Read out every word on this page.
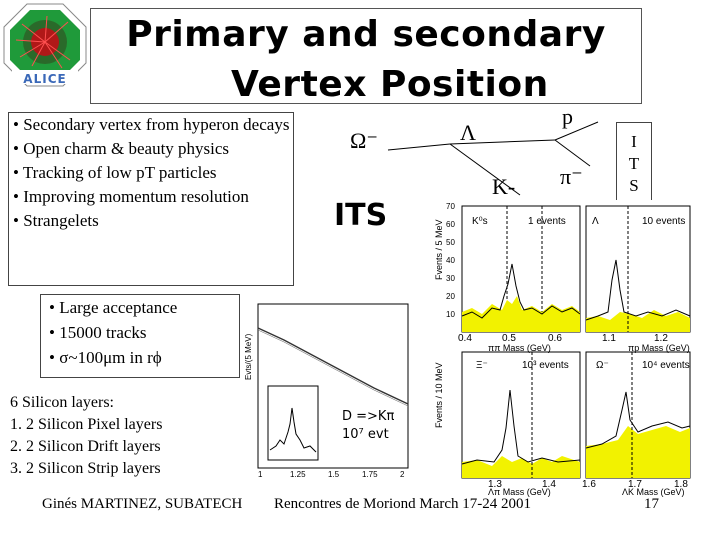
ALICE
Primary and secondary
Vertex Position
• Secondary vertex from hyperon decays
• Open charm & beauty physics
• Tracking of low pT particles
• Improving momentum resolution
• Strangelets
Ω⁻	Λ
p
K- π⁻
ITS
I
T
S
K⁰s	1 events	Λ	10 events
Ξ⁻	10³ events	Ω⁻	10⁴ events
0.4	0.5	0.6	1.1	1.2
ππ Mass (GeV)	πp Mass (GeV)
1.3	1.4	1.6	1.7	1.8
Λπ Mass (GeV)	ΛK Mass (GeV)
70
60
50
40
30
20
10
Fvents / 5 MeV
Fvents / 10 MeV
• Large acceptance
• 15000 tracks
• σ~100μm in rϕ	Evts/(5 MeV)
1	1.25	1.5	1.75	2
D =>Kπ
10⁷ evt
6 Silicon layers:
1. 2 Silicon Pixel layers
2. 2 Silicon Drift layers
3. 2 Silicon Strip layers
Ginés MARTINEZ, SUBATECH Rencontres de Moriond March 17-24 2001	17
